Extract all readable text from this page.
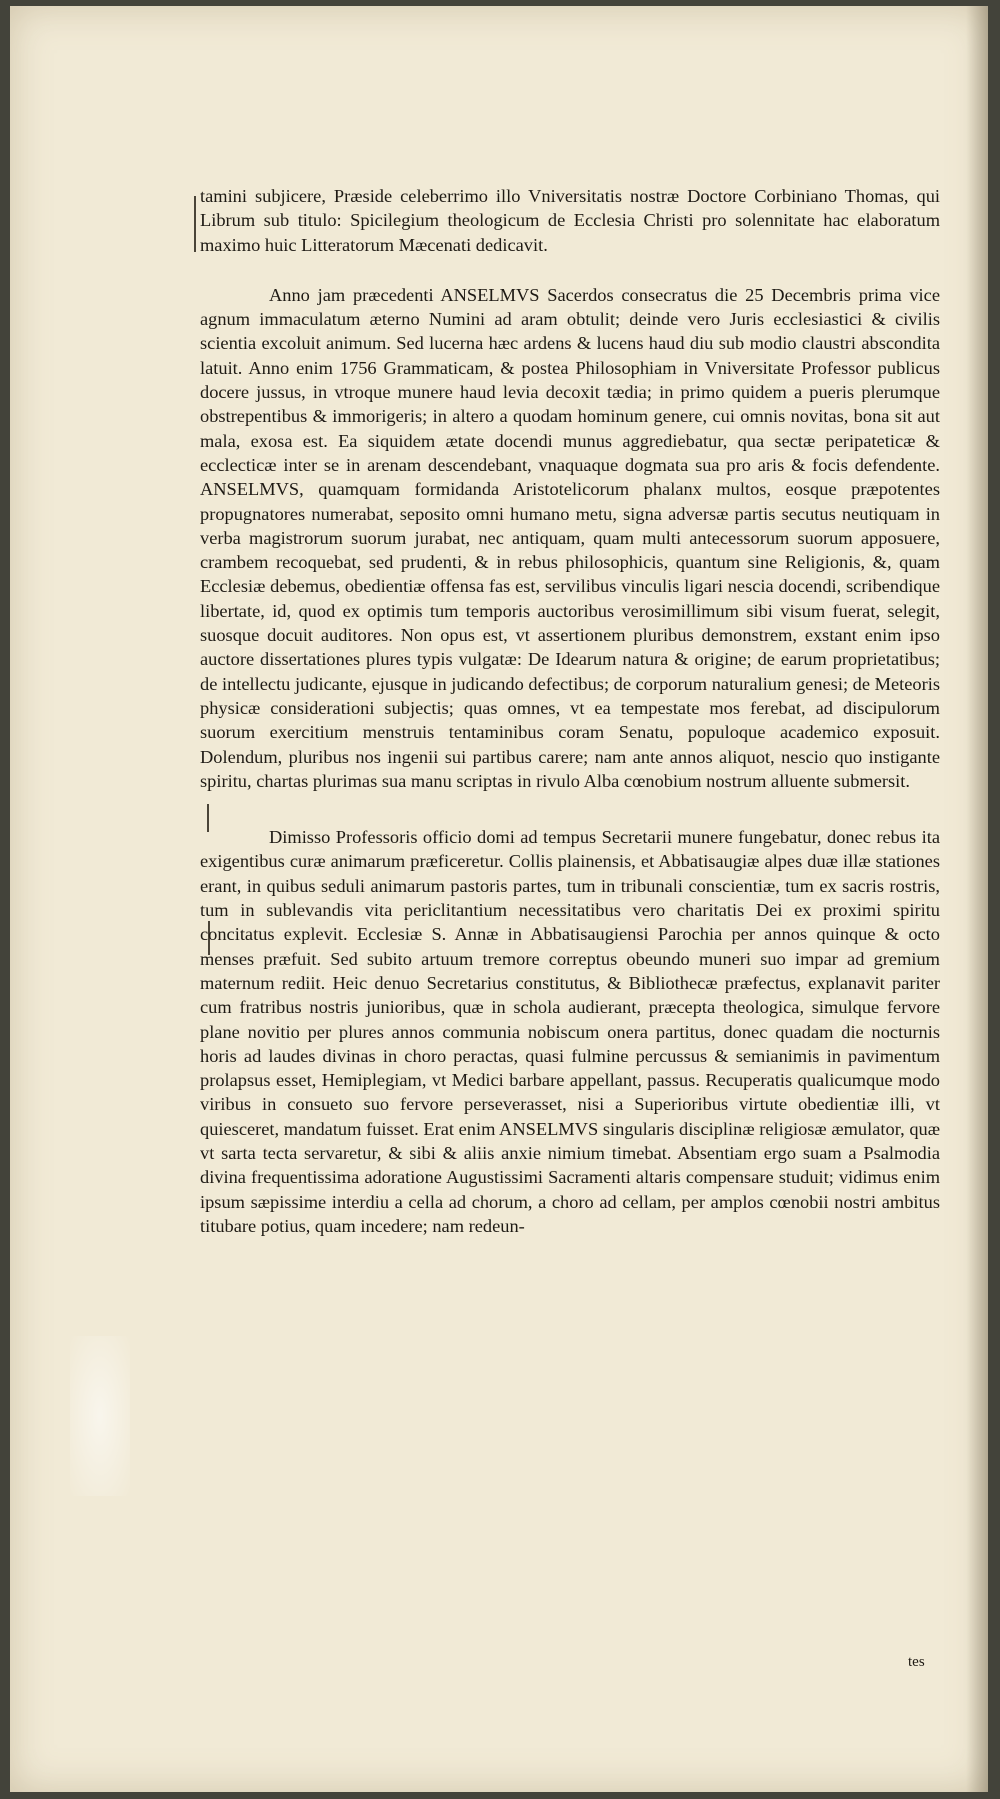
tamini subjicere, Præside celeberrimo illo Vniversitatis nostræ Doctore Corbiniano Thomas, qui Librum sub titulo: Spicilegium theologicum de Ecclesia Christi pro solennitate hac elaboratum maximo huic Litteratorum Mæcenati dedicavit.

Anno jam præcedenti ANSELMVS Sacerdos consecratus die 25 Decembris prima vice agnum immaculatum æterno Numini ad aram obtulit; deinde vero Juris ecclesiastici & civilis scientia excoluit animum. Sed lucerna hæc ardens & lucens haud diu sub modio claustri abscondita latuit. Anno enim 1756 Grammaticam, & postea Philosophiam in Vniversitate Professor publicus docere jussus, in vtroque munere haud levia decoxit tædia; in primo quidem a pueris plerumque obstrepentibus & immorigeris; in altero a quodam hominum genere, cui omnis novitas, bona sit aut mala, exosa est. Ea siquidem ætate docendi munus aggrediebatur, qua sectæ peripateticæ & ecclecticæ inter se in arenam descendebant, vnaquaque dogmata sua pro aris & focis defendente. ANSELMVS, quamquam formidanda Aristotelicorum phalanx multos, eosque præpotentes propugnatores numerabat, seposito omni humano metu, signa adversæ partis secutus neutiquam in verba magistrorum suorum jurabat, nec antiquam, quam multi antecessorum suorum apposuere, crambem recoquebat, sed prudenti, & in rebus philosophicis, quantum sine Religionis, &, quam Ecclesiæ debemus, obedientiæ offensa fas est, servilibus vinculis ligari nescia docendi, scribendique libertate, id, quod ex optimis tum temporis auctoribus verosimillimum sibi visum fuerat, selegit, suosque docuit auditores. Non opus est, vt assertionem pluribus demonstrem, exstant enim ipso auctore dissertationes plures typis vulgatæ: De Idearum natura & origine; de earum proprietatibus; de intellectu judicante, ejusque in judicando defectibus; de corporum naturalium genesi; de Meteoris physicæ considerationi subjectis; quas omnes, vt ea tempestate mos ferebat, ad discipulorum suorum exercitium menstruis tentaminibus coram Senatu, populoque academico exposuit. Dolendum, pluribus nos ingenii sui partibus carere; nam ante annos aliquot, nescio quo instigante spiritu, chartas plurimas sua manu scriptas in rivulo Alba cœnobium nostrum alluente submersit.

Dimisso Professoris officio domi ad tempus Secretarii munere fungebatur, donec rebus ita exigentibus curæ animarum præficeretur. Collis plainensis, et Abbatisaugiæ alpes duæ illæ stationes erant, in quibus seduli animarum pastoris partes, tum in tribunali conscientiæ, tum ex sacris rostris, tum in sublevandis vita periclitantium necessitatibus vero charitatis Dei ex proximi spiritu concitatus explevit. Ecclesiæ S. Annæ in Abbatisaugiensi Parochia per annos quinque & octo menses præfuit. Sed subito artuum tremore correptus obeundo muneri suo impar ad gremium maternum rediit. Heic denuo Secretarius constitutus, & Bibliothecæ præfectus, explanavit pariter cum fratribus nostris junioribus, quæ in schola audierant, præcepta theologica, simulque fervore plane novitio per plures annos communia nobiscum onera partitus, donec quadam die nocturnis horis ad laudes divinas in choro peractas, quasi fulmine percussus & semianimis in pavimentum prolapsus esset, Hemiplegiam, vt Medici barbare appellant, passus. Recuperatis qualicumque modo viribus in consueto suo fervore perseverasset, nisi a Superioribus virtute obedientiæ illi, vt quiesceret, mandatum fuisset. Erat enim ANSELMVS singularis disciplinæ religiosæ æmulator, quæ vt sarta tecta servaretur, & sibi & aliis anxie nimium timebat. Absentiam ergo suam a Psalmodia divina frequentissima adoratione Augustissimi Sacramenti altaris compensare studuit; vidimus enim ipsum sæpissime interdiu a cella ad chorum, a choro ad cellam, per amplos cœnobii nostri ambitus titubare potius, quam incedere; nam redeun-

tes
